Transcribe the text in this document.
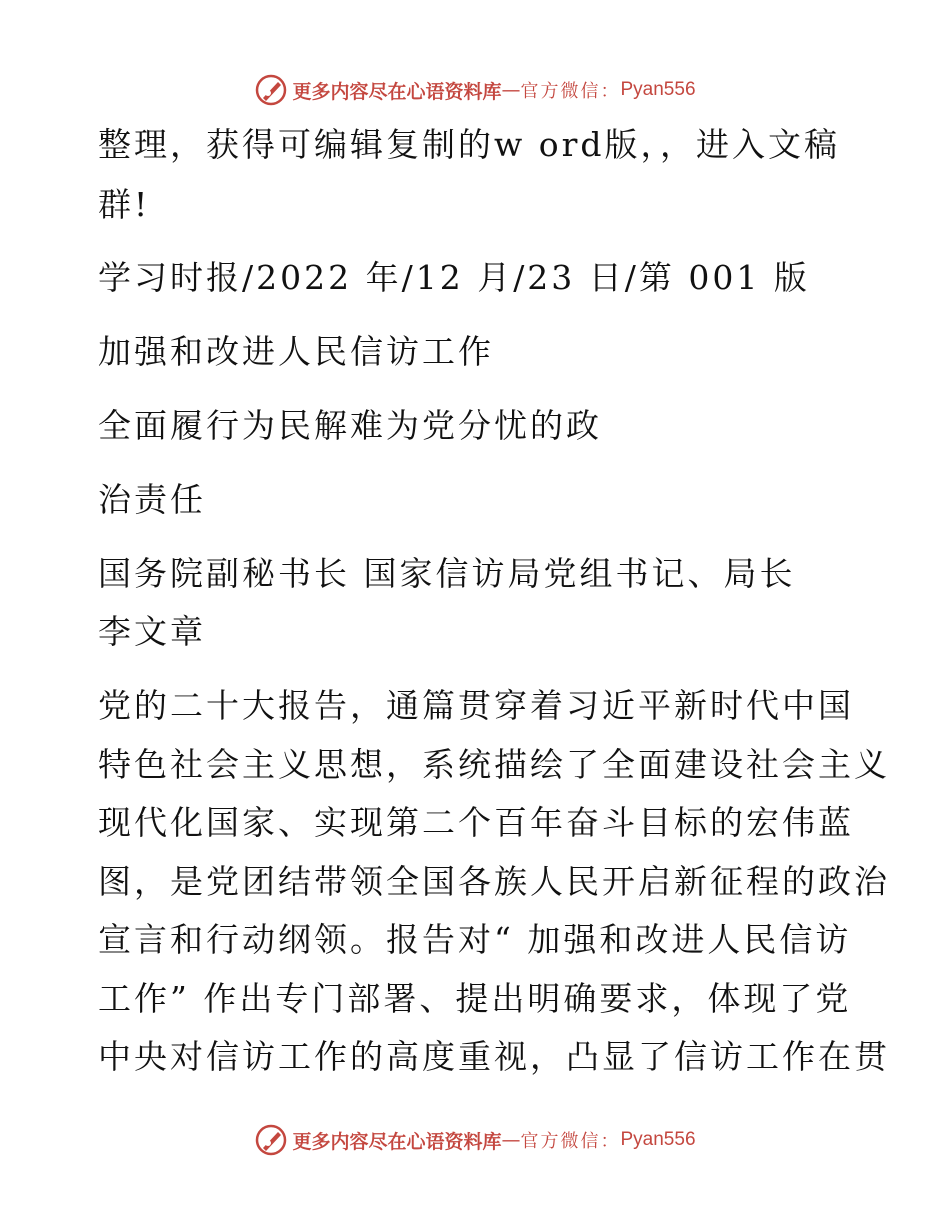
更多内容尽在心语资料库 — 官方微信： Pyan556
整理，获得可编辑复制的w ord版，，进入文稿
群!
学习时报/2022 年/12 月/23 日/第 001 版
加强和改进人民信访工作
全面履行为民解难为党分忧的政
治责任
国务院副秘书长 国家信访局党组书记、局长
李文章
党的二十大报告，通篇贯穿着习近平新时代中国
特色社会主义思想，系统描绘了全面建设社会主义
现代化国家、实现第二个百年奋斗目标的宏伟蓝
图，是党团结带领全国各族人民开启新征程的政治
宣言和行动纲领。报告对“ 加强和改进人民信访
工作” 作出专门部署、提出明确要求，体现了党
中央对信访工作的高度重视，凸显了信访工作在贯
更多内容尽在心语资料库 — 官方微信： Pyan556
